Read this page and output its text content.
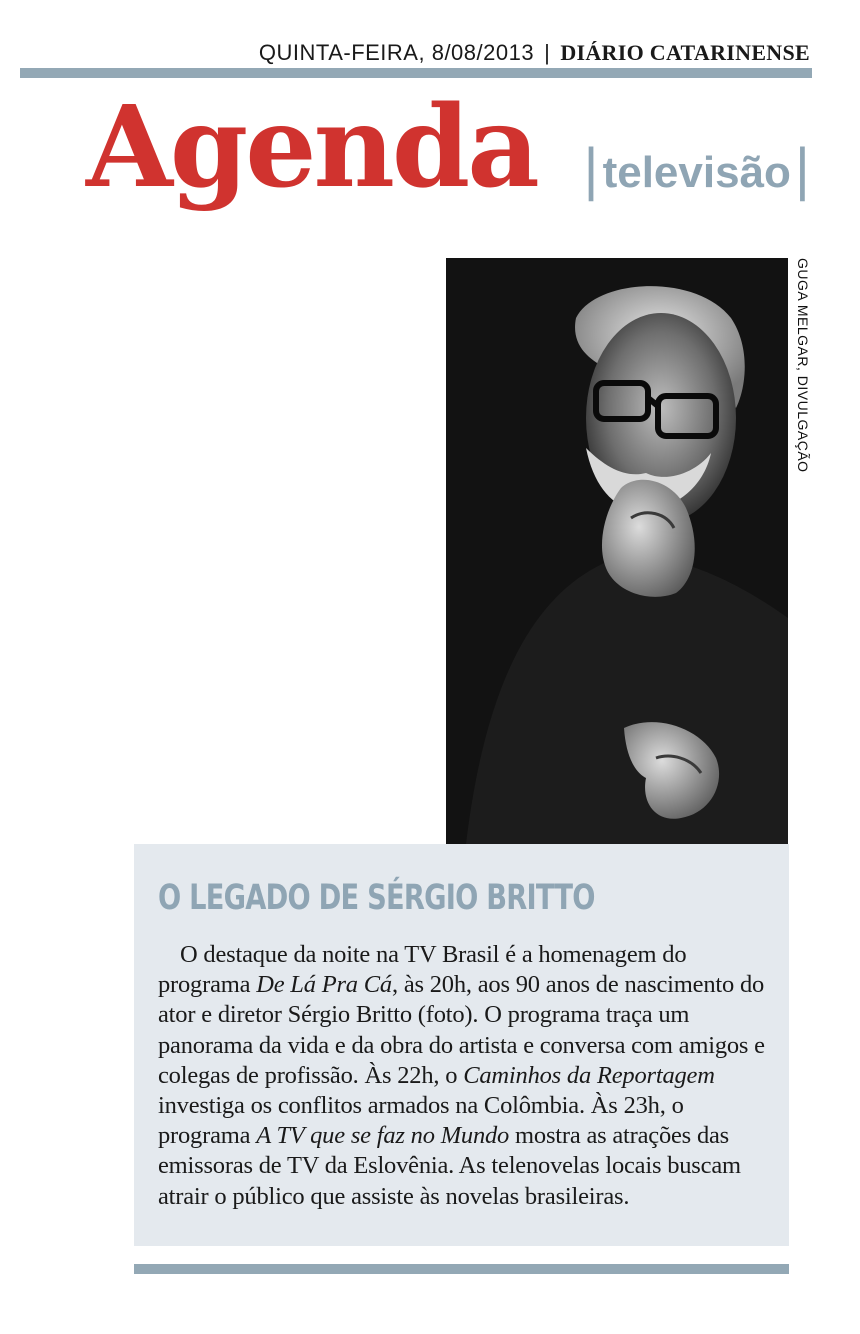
QUINTA-FEIRA, 8/08/2013 | DIÁRIO CATARINENSE
Agenda | televisão |
GUGA MELGAR, DIVULGAÇÃO
O LEGADO DE SÉRGIO BRITTO

O destaque da noite na TV Brasil é a homenagem do programa De Lá Pra Cá, às 20h, aos 90 anos de nascimento do ator e diretor Sérgio Britto (foto). O programa traça um panorama da vida e da obra do artista e conversa com amigos e colegas de profissão. Às 22h, o Caminhos da Reportagem investiga os conflitos armados na Colômbia. Às 23h, o programa A TV que se faz no Mundo mostra as atrações das emissoras de TV da Eslovênia. As telenovelas locais buscam atrair o público que assiste às novelas brasileiras.
